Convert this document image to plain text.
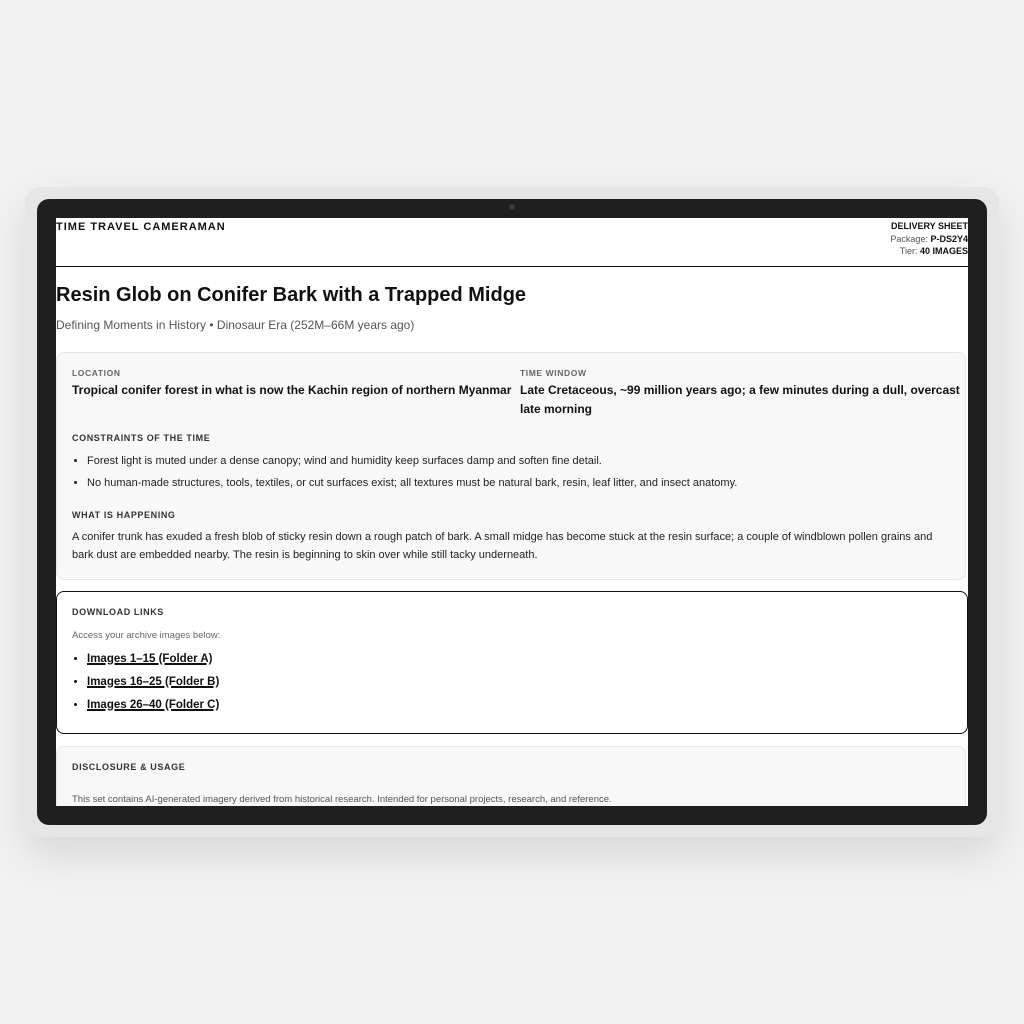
TIME TRAVEL CAMERAMAN	DELIVERY SHEET
Package: P-DS2Y4
Tier: 40 IMAGES
Resin Glob on Conifer Bark with a Trapped Midge
Defining Moments in History • Dinosaur Era (252M–66M years ago)
LOCATION
Tropical conifer forest in what is now the Kachin region of northern Myanmar
TIME WINDOW
Late Cretaceous, ~99 million years ago; a few minutes during a dull, overcast late morning
CONSTRAINTS OF THE TIME
• Forest light is muted under a dense canopy; wind and humidity keep surfaces damp and soften fine detail.
• No human-made structures, tools, textiles, or cut surfaces exist; all textures must be natural bark, resin, leaf litter, and insect anatomy.
WHAT IS HAPPENING
A conifer trunk has exuded a fresh blob of sticky resin down a rough patch of bark. A small midge has become stuck at the resin surface; a couple of windblown pollen grains and bark dust are embedded nearby. The resin is beginning to skin over while still tacky underneath.
DOWNLOAD LINKS
Access your archive images below:
• Images 1–15 (Folder A)
• Images 16–25 (Folder B)
• Images 26–40 (Folder C)
DISCLOSURE & USAGE
This set contains AI-generated imagery derived from historical research. Intended for personal projects, research, and reference.
